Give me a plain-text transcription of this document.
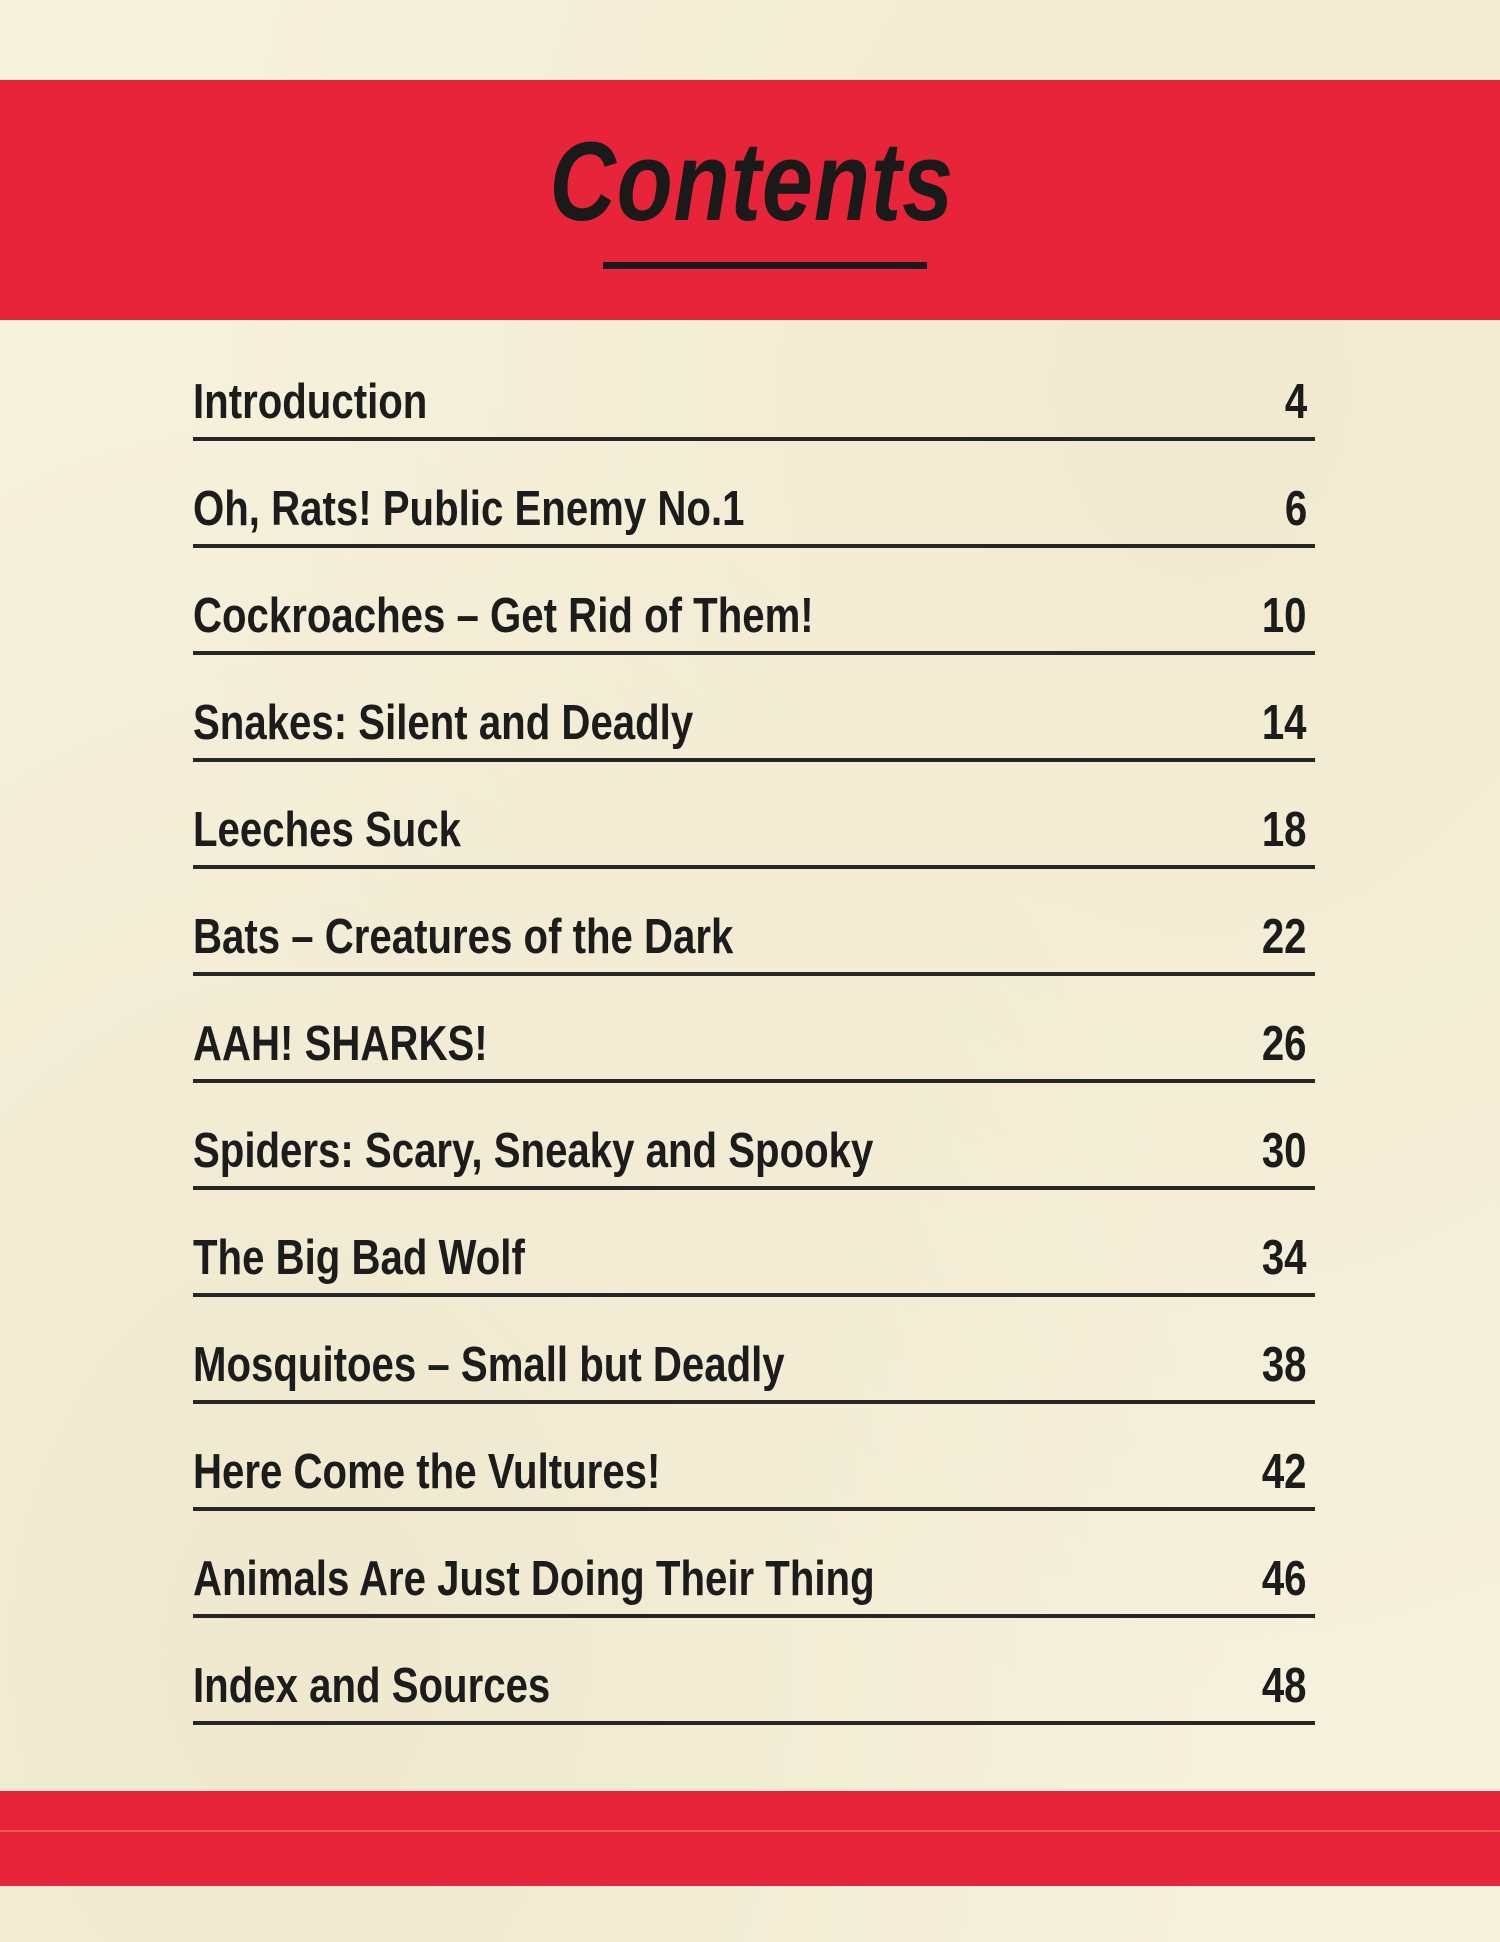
Contents
Introduction	4
Oh, Rats! Public Enemy No.1	6
Cockroaches – Get Rid of Them!	10
Snakes: Silent and Deadly	14
Leeches Suck	18
Bats – Creatures of the Dark	22
AAH! SHARKS!	26
Spiders: Scary, Sneaky and Spooky	30
The Big Bad Wolf	34
Mosquitoes – Small but Deadly	38
Here Come the Vultures!	42
Animals Are Just Doing Their Thing	46
Index and Sources	48
